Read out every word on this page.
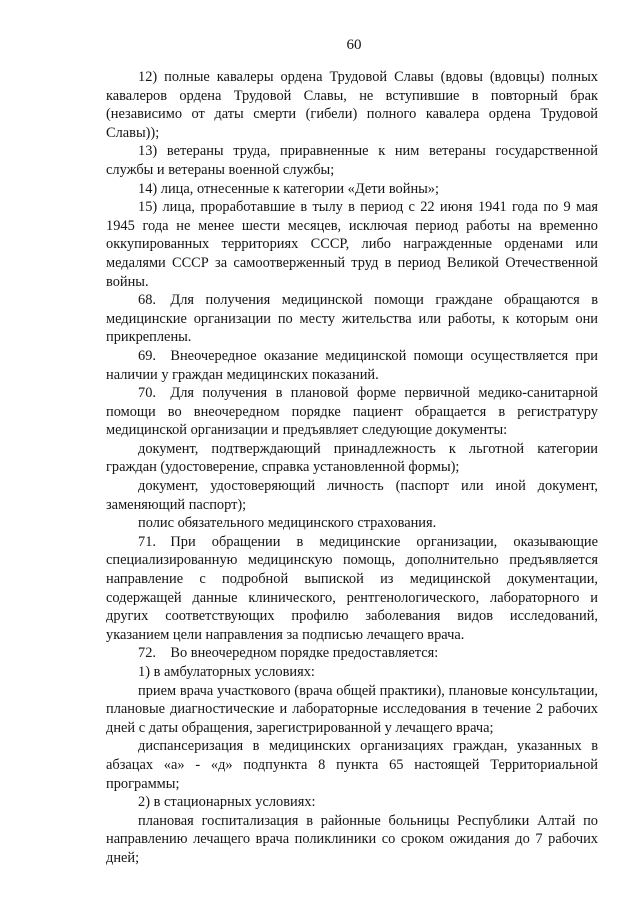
60

12) полные кавалеры ордена Трудовой Славы (вдовы (вдовцы) полных кавалеров ордена Трудовой Славы, не вступившие в повторный брак (независимо от даты смерти (гибели) полного кавалера ордена Трудовой Славы));

13) ветераны труда, приравненные к ним ветераны государственной службы и ветераны военной службы;

14) лица, отнесенные к категории «Дети войны»;

15) лица, проработавшие в тылу в период с 22 июня 1941 года по 9 мая 1945 года не менее шести месяцев, исключая период работы на временно оккупированных территориях СССР, либо награжденные орденами или медалями СССР за самоотверженный труд в период Великой Отечественной войны.

68. Для получения медицинской помощи граждане обращаются в медицинские организации по месту жительства или работы, к которым они прикреплены.

69. Внеочередное оказание медицинской помощи осуществляется при наличии у граждан медицинских показаний.

70. Для получения в плановой форме первичной медико-санитарной помощи во внеочередном порядке пациент обращается в регистратуру медицинской организации и предъявляет следующие документы:

документ, подтверждающий принадлежность к льготной категории граждан (удостоверение, справка установленной формы);

документ, удостоверяющий личность (паспорт или иной документ, заменяющий паспорт);

полис обязательного медицинского страхования.

71. При обращении в медицинские организации, оказывающие специализированную медицинскую помощь, дополнительно предъявляется направление с подробной выпиской из медицинской документации, содержащей данные клинического, рентгенологического, лабораторного и других соответствующих профилю заболевания видов исследований, указанием цели направления за подписью лечащего врача.

72. Во внеочередном порядке предоставляется:

1) в амбулаторных условиях:

прием врача участкового (врача общей практики), плановые консультации, плановые диагностические и лабораторные исследования в течение 2 рабочих дней с даты обращения, зарегистрированной у лечащего врача;

диспансеризация в медицинских организациях граждан, указанных в абзацах «а» - «д» подпункта 8 пункта 65 настоящей Территориальной программы;

2) в стационарных условиях:

плановая госпитализация в районные больницы Республики Алтай по направлению лечащего врача поликлиники со сроком ожидания до 7 рабочих дней;
